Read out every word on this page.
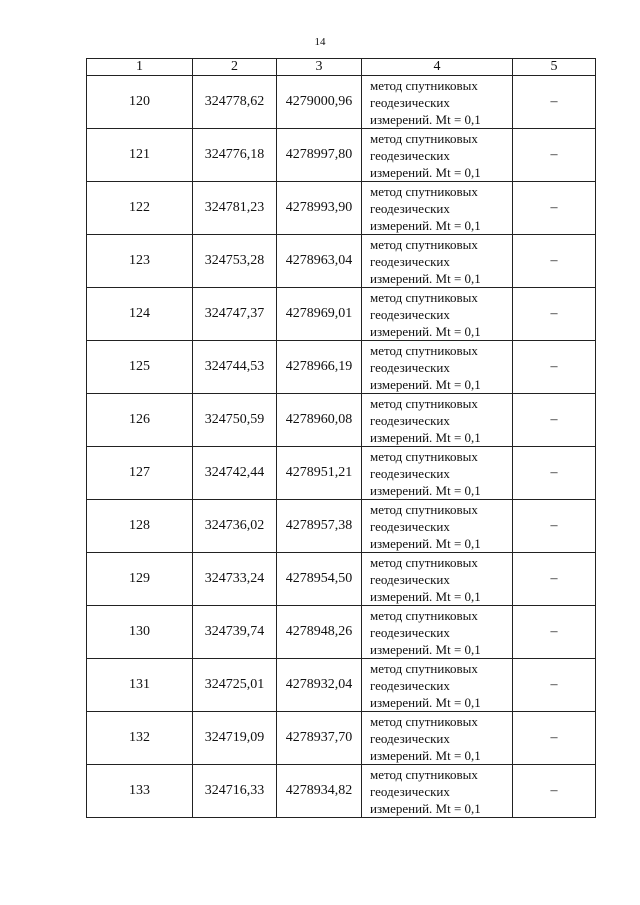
14
1	2	3	4	5
120	324778,62	4279000,96	метод спутниковых
геодезических
измерений. Mt = 0,1	–
121	324776,18	4278997,80	метод спутниковых
геодезических
измерений. Mt = 0,1	–
122	324781,23	4278993,90	метод спутниковых
геодезических
измерений. Mt = 0,1	–
123	324753,28	4278963,04	метод спутниковых
геодезических
измерений. Mt = 0,1	–
124	324747,37	4278969,01	метод спутниковых
геодезических
измерений. Mt = 0,1	–
125	324744,53	4278966,19	метод спутниковых
геодезических
измерений. Mt = 0,1	–
126	324750,59	4278960,08	метод спутниковых
геодезических
измерений. Mt = 0,1	–
127	324742,44	4278951,21	метод спутниковых
геодезических
измерений. Mt = 0,1	–
128	324736,02	4278957,38	метод спутниковых
геодезических
измерений. Mt = 0,1	–
129	324733,24	4278954,50	метод спутниковых
геодезических
измерений. Mt = 0,1	–
130	324739,74	4278948,26	метод спутниковых
геодезических
измерений. Mt = 0,1	–
131	324725,01	4278932,04	метод спутниковых
геодезических
измерений. Mt = 0,1	–
132	324719,09	4278937,70	метод спутниковых
геодезических
измерений. Mt = 0,1	–
133	324716,33	4278934,82	метод спутниковых
геодезических
измерений. Mt = 0,1	–
